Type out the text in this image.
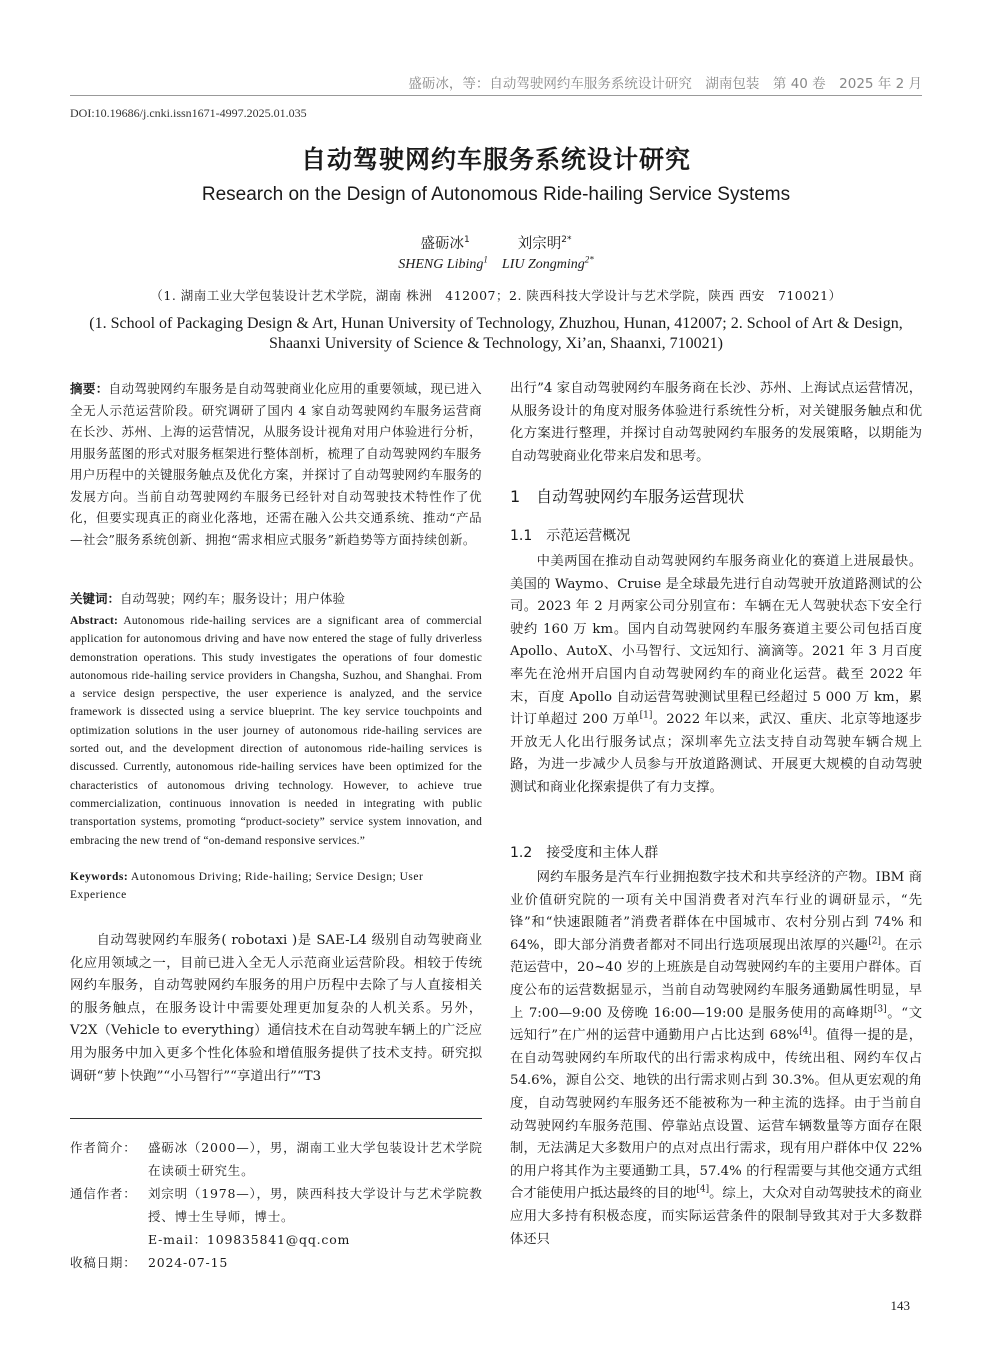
盛砺冰，等：自动驾驶网约车服务系统设计研究　湖南包装　第 40 卷　2025 年 2 月
DOI:10.19686/j.cnki.issn1671-4997.2025.01.035
自动驾驶网约车服务系统设计研究
Research on the Design of Autonomous Ride-hailing Service Systems
盛砺冰$^1$	刘宗明$^{2*}$
SHENG Libing$^1$ LIU Zongming$^{2*}$
（1. 湖南工业大学包装设计艺术学院，湖南 株洲　412007；2. 陕西科技大学设计与艺术学院，陕西 西安　710021）
(1. School of Packaging Design & Art, Hunan University of Technology, Zhuzhou, Hunan, 412007; 2. School of Art & Design, Shaanxi University of Science & Technology, Xi’an, Shaanxi, 710021)
摘要：自动驾驶网约车服务是自动驾驶商业化应用的重要领域，现已进入全无人示范运营阶段。研究调研了国内 4 家自动驾驶网约车服务运营商在长沙、苏州、上海的运营情况，从服务设计视角对用户体验进行分析，用服务蓝图的形式对服务框架进行整体剖析，梳理了自动驾驶网约车服务用户历程中的关键服务触点及优化方案，并探讨了自动驾驶网约车服务的发展方向。当前自动驾驶网约车服务已经针对自动驾驶技术特性作了优化，但要实现真正的商业化落地，还需在融入公共交通系统、推动“产品—社会”服务系统创新、拥抱“需求相应式服务”新趋势等方面持续创新。
关键词：自动驾驶；网约车；服务设计；用户体验
Abstract: Autonomous ride-hailing services are a significant area of commercial application for autonomous driving and have now entered the stage of fully driverless demonstration operations. This study investigates the operations of four domestic autonomous ride-hailing service providers in Changsha, Suzhou, and Shanghai. From a service design perspective, the user experience is analyzed, and the service framework is dissected using a service blueprint. The key service touchpoints and optimization solutions in the user journey of autonomous ride-hailing services are sorted out, and the development direction of autonomous ride-hailing services is discussed. Currently, autonomous ride-hailing services have been optimized for the characteristics of autonomous driving technology. However, to achieve true commercialization, continuous innovation is needed in integrating with public transportation systems, promoting “product-society” service system innovation, and embracing the new trend of “on-demand responsive services.”
Keywords: Autonomous Driving; Ride-hailing; Service Design; User Experience

自动驾驶网约车服务( robotaxi )是 SAE-L4 级别自动驾驶商业化应用领域之一，目前已进入全无人示范商业运营阶段。相较于传统网约车服务，自动驾驶网约车服务的用户历程中去除了与人直接相关的服务触点，在服务设计中需要处理更加复杂的人机关系。另外，V2X（Vehicle to everything）通信技术在自动驾驶车辆上的广泛应用为服务中加入更多个性化体验和增值服务提供了技术支持。研究拟调研“萝卜快跑”“小马智行”“享道出行”“T3

作者简介： 盛砺冰（2000—），男，湖南工业大学包装设计艺术学院在读硕士研究生。
通信作者： 刘宗明（1978—），男，陕西科技大学设计与艺术学院教授、博士生导师，博士。
E-mail：109835841@qq.com
收稿日期： 2024-07-15

出行”4 家自动驾驶网约车服务商在长沙、苏州、上海试点运营情况，从服务设计的角度对服务体验进行系统性分析，对关键服务触点和优化方案进行整理，并探讨自动驾驶网约车服务的发展策略，以期能为自动驾驶商业化带来启发和思考。

1　自动驾驶网约车服务运营现状
1.1　示范运营概况

中美两国在推动自动驾驶网约车服务商业化的赛道上进展最快。美国的 Waymo、Cruise 是全球最先进行自动驾驶开放道路测试的公司。2023 年 2 月两家公司分别宣布：车辆在无人驾驶状态下安全行驶约 160 万 km。国内自动驾驶网约车服务赛道主要公司包括百度 Apollo、AutoX、小马智行、文远知行、滴滴等。2021 年 3 月百度率先在沧州开启国内自动驾驶网约车的商业化运营。截至 2022 年末，百度 Apollo 自动运营驾驶测试里程已经超过 5 000 万 km，累计订单超过 200 万单[1]。2022 年以来，武汉、重庆、北京等地逐步开放无人化出行服务试点；深圳率先立法支持自动驾驶车辆合规上路，为进一步减少人员参与开放道路测试、开展更大规模的自动驾驶测试和商业化探索提供了有力支撑。

1.2　接受度和主体人群

网约车服务是汽车行业拥抱数字技术和共享经济的产物。IBM 商业价值研究院的一项有关中国消费者对汽车行业的调研显示，“先锋”和“快速跟随者”消费者群体在中国城市、农村分别占到 74% 和 64%，即大部分消费者都对不同出行选项展现出浓厚的兴趣[2]。在示范运营中，20~40 岁的上班族是自动驾驶网约车的主要用户群体。百度公布的运营数据显示，当前自动驾驶网约车服务通勤属性明显，早上 7:00—9:00 及傍晚 16:00—19:00 是服务使用的高峰期[3]。“文远知行”在广州的运营中通勤用户占比达到 68%[4]。值得一提的是，在自动驾驶网约车所取代的出行需求构成中，传统出租、网约车仅占 54.6%，源自公交、地铁的出行需求则占到 30.3%。但从更宏观的角度，自动驾驶网约车服务还不能被称为一种主流的选择。由于当前自动驾驶网约车服务范围、停靠站点设置、运营车辆数量等方面存在限制，无法满足大多数用户的点对点出行需求，现有用户群体中仅 22% 的用户将其作为主要通勤工具，57.4% 的行程需要与其他交通方式组合才能使用户抵达最终的目的地[4]。综上，大众对自动驾驶技术的商业应用大多持有积极态度，而实际运营条件的限制导致其对于大多数群体还只

143
